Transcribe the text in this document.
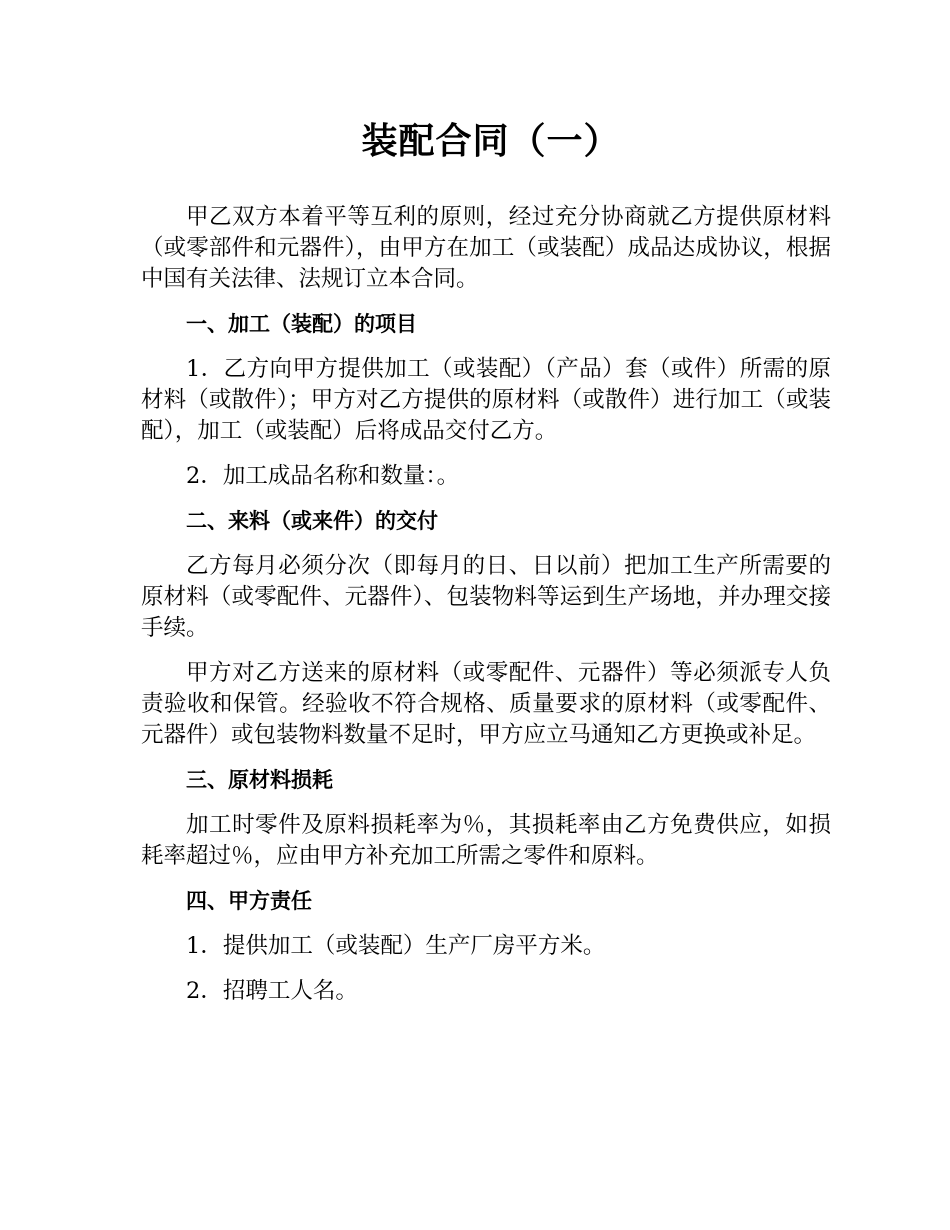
装配合同（一）

甲乙双方本着平等互利的原则，经过充分协商就乙方提供原材料（或零部件和元器件），由甲方在加工（或装配）成品达成协议，根据中国有关法律、法规订立本合同。

一、加工（装配）的项目

1．乙方向甲方提供加工（或装配）（产品）套（或件）所需的原材料（或散件）；甲方对乙方提供的原材料（或散件）进行加工（或装配），加工（或装配）后将成品交付乙方。

2．加工成品名称和数量：。

二、来料（或来件）的交付

乙方每月必须分次（即每月的日、日以前）把加工生产所需要的原材料（或零配件、元器件）、包装物料等运到生产场地，并办理交接手续。

甲方对乙方送来的原材料（或零配件、元器件）等必须派专人负责验收和保管。经验收不符合规格、质量要求的原材料（或零配件、元器件）或包装物料数量不足时，甲方应立马通知乙方更换或补足。

三、原材料损耗

加工时零件及原料损耗率为％，其损耗率由乙方免费供应，如损耗率超过％，应由甲方补充加工所需之零件和原料。

四、甲方责任

1．提供加工（或装配）生产厂房平方米。

2．招聘工人名。
